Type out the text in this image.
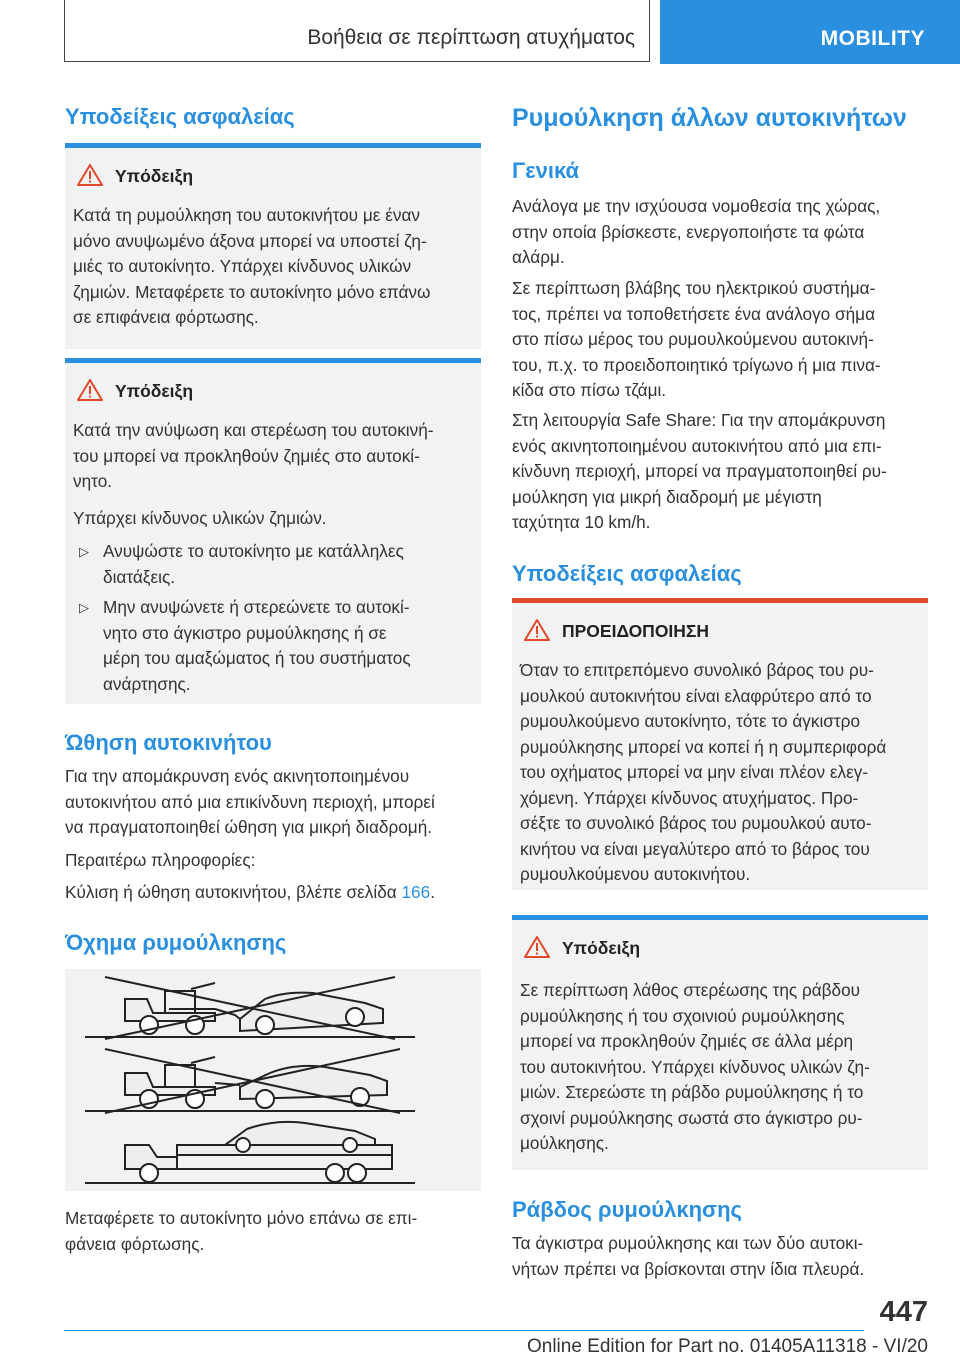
Βοήθεια σε περίπτωση ατυχήματος	MOBILITY
Υποδείξεις ασφαλείας
Υπόδειξη

Κατά τη ρυμούλκηση του αυτοκινήτου με έναν
μόνο ανυψωμένο άξονα μπορεί να υποστεί ζη‐
μιές το αυτοκίνητο. Υπάρχει κίνδυνος υλικών
ζημιών. Μεταφέρετε το αυτοκίνητο μόνο επάνω
σε επιφάνεια φόρτωσης.

Υπόδειξη

Κατά την ανύψωση και στερέωση του αυτοκινή‐
του μπορεί να προκληθούν ζημιές στο αυτοκί‐
νητο.

Υπάρχει κίνδυνος υλικών ζημιών.

▷ Ανυψώστε το αυτοκίνητο με κατάλληλες
διατάξεις.

▷ Μην ανυψώνετε ή στερεώνετε το αυτοκί‐
νητο στο άγκιστρο ρυμούλκησης ή σε
μέρη του αμαξώματος ή του συστήματος
ανάρτησης.

Ώθηση αυτοκινήτου

Για την απομάκρυνση ενός ακινητοποιημένου
αυτοκινήτου από μια επικίνδυνη περιοχή, μπορεί
να πραγματοποιηθεί ώθηση για μικρή διαδρομή.

Περαιτέρω πληροφορίες:

Κύλιση ή ώθηση αυτοκινήτου, βλέπε σελίδα 166.

Όχημα ρυμούλκησης

Μεταφέρετε το αυτοκίνητο μόνο επάνω σε επι‐
φάνεια φόρτωσης.

Ρυμούλκηση άλλων αυτοκινήτων
Γενικά

Ανάλογα με την ισχύουσα νομοθεσία της χώρας,
στην οποία βρίσκεστε, ενεργοποιήστε τα φώτα
αλάρμ.

Σε περίπτωση βλάβης του ηλεκτρικού συστήμα‐
τος, πρέπει να τοποθετήσετε ένα ανάλογο σήμα
στο πίσω μέρος του ρυμουλκούμενου αυτοκινή‐
του, π.χ. το προειδοποιητικό τρίγωνο ή μια πινα‐
κίδα στο πίσω τζάμι.

Στη λειτουργία Safe Share: Για την απομάκρυνση
ενός ακινητοποιημένου αυτοκινήτου από μια επι‐
κίνδυνη περιοχή, μπορεί να πραγματοποιηθεί ρυ‐
μούλκηση για μικρή διαδρομή με μέγιστη
ταχύτητα 10 km/h.

Υποδείξεις ασφαλείας
ΠΡΟΕΙΔΟΠΟΙΗΣΗ

Όταν το επιτρεπόμενο συνολικό βάρος του ρυ‐
μουλκού αυτοκινήτου είναι ελαφρύτερο από το
ρυμουλκούμενο αυτοκίνητο, τότε το άγκιστρο
ρυμούλκησης μπορεί να κοπεί ή η συμπεριφορά
του οχήματος μπορεί να μην είναι πλέον ελεγ‐
χόμενη. Υπάρχει κίνδυνος ατυχήματος. Προ‐
σέξτε το συνολικό βάρος του ρυμουλκού αυτο‐
κινήτου να είναι μεγαλύτερο από το βάρος του
ρυμουλκούμενου αυτοκινήτου.

Υπόδειξη

Σε περίπτωση λάθος στερέωσης της ράβδου
ρυμούλκησης ή του σχοινιού ρυμούλκησης
μπορεί να προκληθούν ζημιές σε άλλα μέρη
του αυτοκινήτου. Υπάρχει κίνδυνος υλικών ζη‐
μιών. Στερεώστε τη ράβδο ρυμούλκησης ή το
σχοινί ρυμούλκησης σωστά στο άγκιστρο ρυ‐
μούλκησης.

Ράβδος ρυμούλκησης

Τα άγκιστρα ρυμούλκησης και των δύο αυτοκι‐
νήτων πρέπει να βρίσκονται στην ίδια πλευρά.

447
Online Edition for Part no. 01405A11318 - VI/20
